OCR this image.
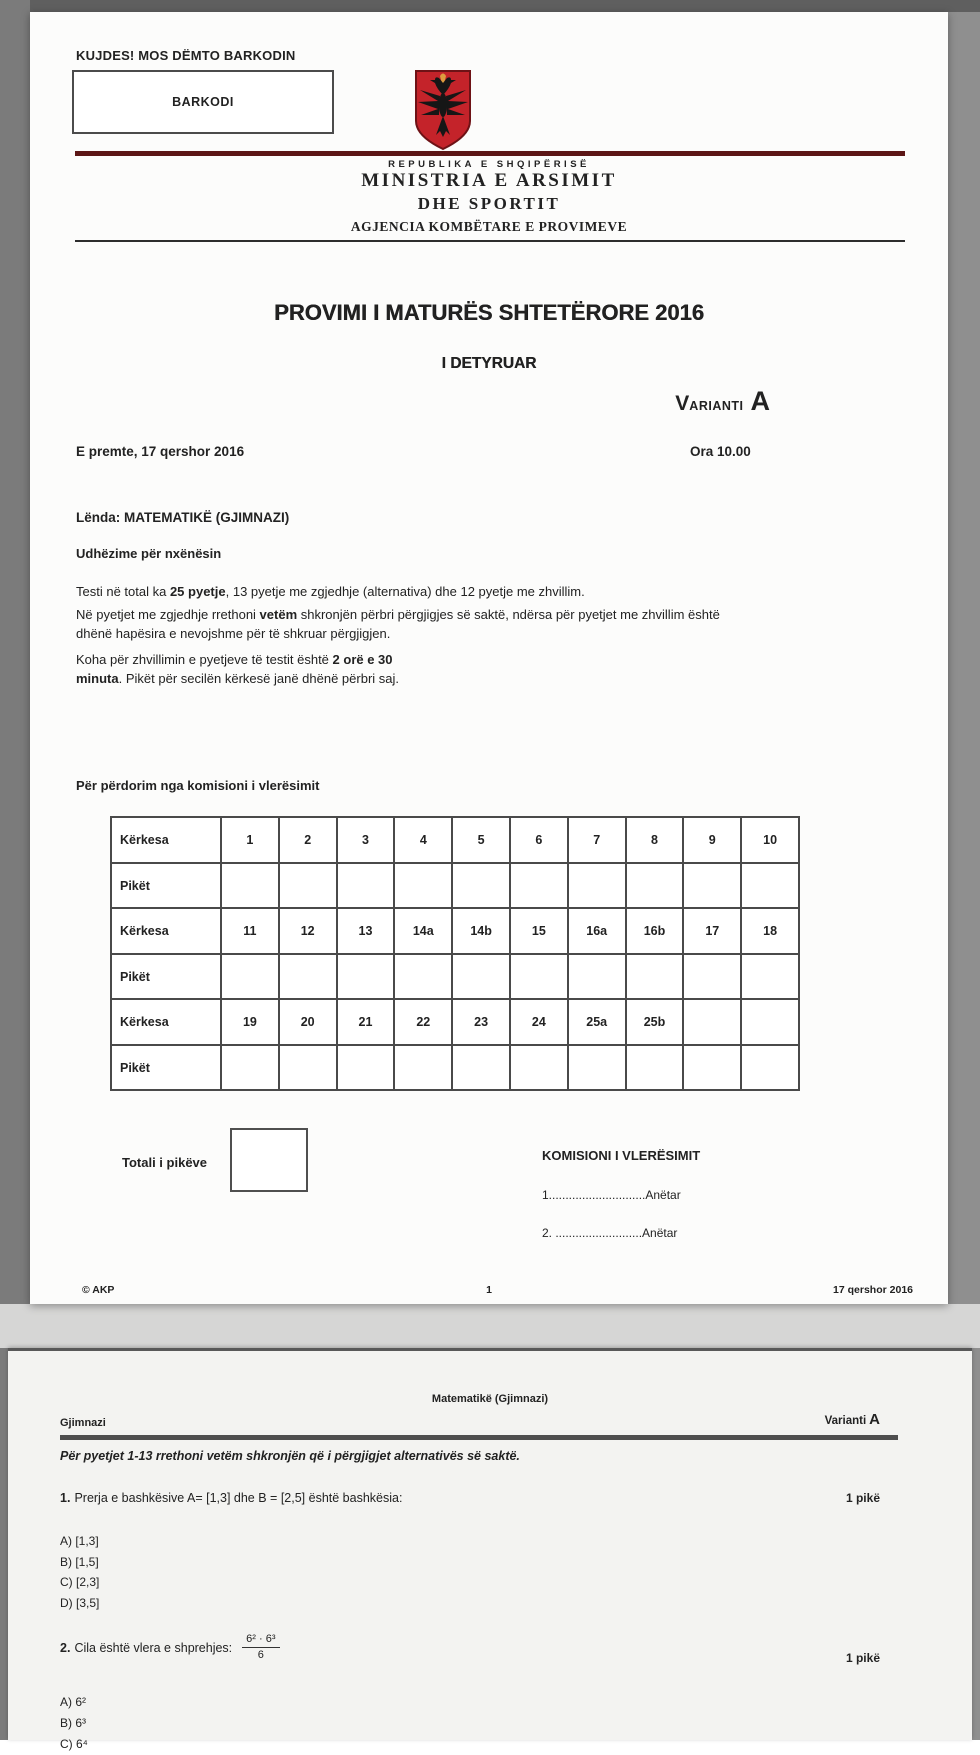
KUJDES! MOS DËMTO BARKODIN
BARKODI
REPUBLIKA E SHQIPËRISË
MINISTRIA E ARSIMIT
DHE SPORTIT
AGJENCIA KOMBËTARE E PROVIMEVE
PROVIMI I MATURËS SHTETËRORE 2016
I DETYRUAR
VARIANTI A
E premte, 17 qershor 2016	Ora 10.00
Lënda: MATEMATIKË (GJIMNAZI)
Udhëzime për nxënësin
Testi në total ka 25 pyetje, 13 pyetje me zgjedhje (alternativa) dhe 12 pyetje me zhvillim.
Në pyetjet me zgjedhje rrethoni vetëm shkronjën përbri përgjigjes së saktë, ndërsa për pyetjet me zhvillim është
dhënë hapësira e nevojshme për të shkruar përgjigjen.
Koha për zhvillimin e pyetjeve të testit është 2 orë e 30
minuta. Pikët për secilën kërkesë janë dhënë përbri saj.
Për përdorim nga komisioni i vlerësimit
Kërkesa	1	2	3	4	5	6	7	8	9	10
Pikët										
Kërkesa	11	12	13	14a	14b	15	16a	16b	17	18
Pikët										
Kërkesa	19	20	21	22	23	24	25a	25b		
Pikët										
Totali i pikëve	KOMISIONI I VLERËSIMIT
1.............................Anëtar
2. ..........................Anëtar
© AKP	1	17 qershor 2016
Matematikë (Gjimnazi)
Gjimnazi	Varianti A
Për pyetjet 1-13 rrethoni vetëm shkronjën që i përgjigjet alternativës së saktë.
1. Prerja e bashkësive A= [1,3] dhe B = [2,5] është bashkësia:	1 pikë
A) [1,3]
B) [1,5]
C) [2,3]
D) [3,5]
2. Cila është vlera e shprehjes: $\frac{\text{6² · 6³}}{6}$	1 pikë
A) 6²
B) 6³
C) 6⁴
